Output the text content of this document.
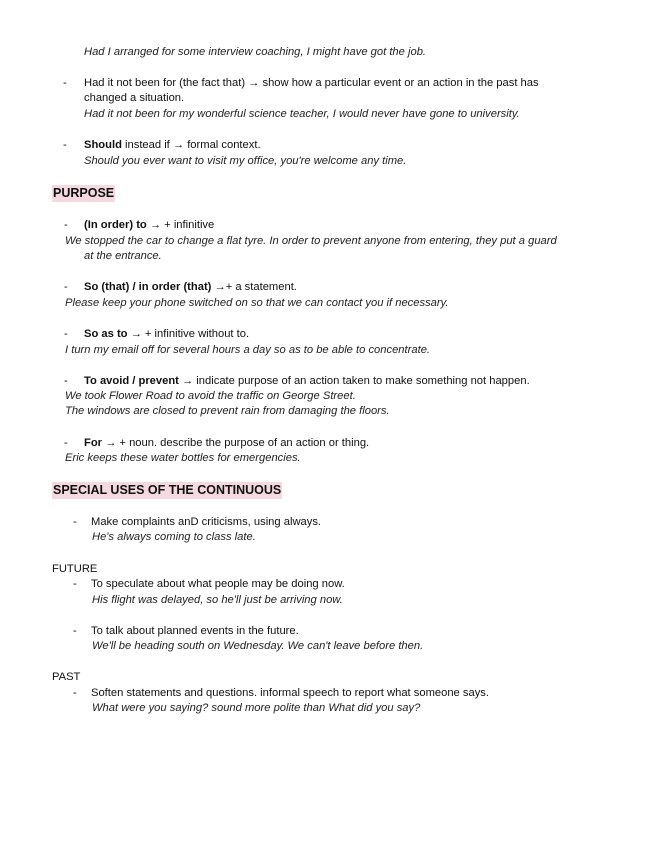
Had I arranged for some interview coaching, I might have got the job.
- Had it not been for (the fact that) → show how a particular event or an action in the past has
changed a situation.
Had it not been for my wonderful science teacher, I would never have gone to university.
- Should instead if → formal context.
Should you ever want to visit my office, you're welcome any time.
PURPOSE
- (In order) to → + infinitive
We stopped the car to change a flat tyre. In order to prevent anyone from entering, they put a guard
at the entrance.
- So (that) / in order (that) →+ a statement.
Please keep your phone switched on so that we can contact you if necessary.
- So as to → + infinitive without to.
I turn my email off for several hours a day so as to be able to concentrate.
- To avoid / prevent → indicate purpose of an action taken to make something not happen.
We took Flower Road to avoid the traffic on George Street.
The windows are closed to prevent rain from damaging the floors.
- For → + noun. describe the purpose of an action or thing.
Eric keeps these water bottles for emergencies.
SPECIAL USES OF THE CONTINUOUS
- Make complaints anD criticisms, using always.
He's always coming to class late.
FUTURE
- To speculate about what people may be doing now.
His flight was delayed, so he'll just be arriving now.
- To talk about planned events in the future.
We'll be heading south on Wednesday. We can't leave before then.
PAST
- Soften statements and questions. informal speech to report what someone says.
What were you saying? sound more polite than What did you say?
